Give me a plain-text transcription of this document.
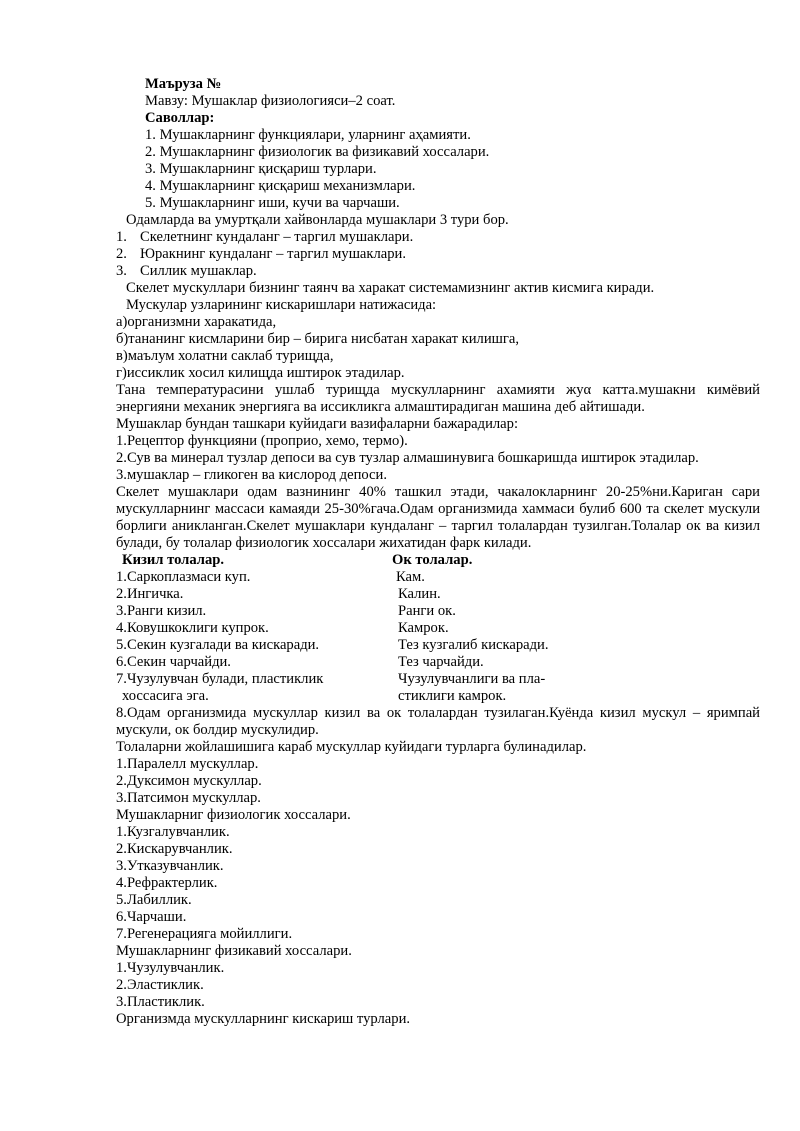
Маъруза №
Мавзу: Мушаклар физиологияси–2 соат.
Саволлар:
1. Мушакларнинг функциялари, уларнинг аҳамияти.
2. Мушакларнинг физиологик ва физикавий хоссалари.
3. Мушакларнинг қисқариш турлари.
4. Мушакларнинг қисқариш механизмлари.
5. Мушакларнинг иши, кучи ва чарчаши.
Одамларда ва умуртқали хайвонларда мушаклари 3 тури бор.
1. Скелетнинг кундаланг – таргил мушаклари.
2. Юракнинг кундаланг – таргил мушаклари.
3. Силлик мушаклар.
Скелет мускуллари бизнинг таянч ва харакат системамизнинг актив кисмига киради.
Мускулар узларининг кискаришлари натижасида:
а)организмни харакатида,
б)тананинг кисмларини бир – бирига нисбатан харакат килишга,
в)маълум холатни саклаб турищда,
г)иссиклик хосил килищда иштирок этадилар.
Тана температурасини ушлаб турищда мускулларнинг ахамияти жуα катта.мушакни кимёвий
энергияни механик энергияга ва иссикликга алмаштирадиган машина деб айтишади.
Мушаклар бундан ташкари куйидаги вазифаларни бажарадилар:
1.Рецептор функцияни (проприо, хемо, термо).
2.Сув ва минерал тузлар депоси ва сув тузлар алмашинувига бошкаришда иштирок этадилар.
3.мушаклар – гликоген ва кислород депоси.
Скелет мушаклари одам вазнининг 40% ташкил этади, чакалокларнинг 20-25%ни.Кариган сари
мускулларнинг массаси камаяди 25-30%гача.Одам организмида хаммаси булиб 600 та скелет мускули
борлиги аникланган.Скелет мушаклари кундаланг – таргил толалардан тузилган.Толалар ок ва кизил
булади, бу толалар физиологик хоссалари жихатидан фарк килади.
Кизил толалар.	Ок толалар.
1.Саркоплазмаси куп.	Кам.
2.Ингичка.	Калин.
3.Ранги кизил.	Ранги ок.
4.Ковушкоклиги купрок.	Камрок.
5.Секин кузгалади ва кискаради.	Тез кузгалиб кискаради.
6.Секин чарчайди.	Тез чарчайди.
7.Чузулувчан булади, пластиклик	Чузулувчанлиги ва пла-
хоссасига эга.	стиклиги камрок.
8.Одам организмида мускуллар кизил ва ок толалардан тузилаган.Куёнда кизил мускул – яримпай
мускули, ок болдир мускулидир.
Толаларни жойлашишига караб мускуллар куйидаги турларга булинадилар.
1.Паралелл мускуллар.
2.Дуксимон мускуллар.
3.Патсимон мускуллар.
Мушакларниг физиологик хоссалари.
1.Кузгалувчанлик.
2.Кискарувчанлик.
3.Утказувчанлик.
4.Рефрактерлик.
5.Лабиллик.
6.Чарчаши.
7.Регенерацияга мойиллиги.
Мушакларнинг физикавий хоссалари.
1.Чузулувчанлик.
2.Эластиклик.
3.Пластиклик.
Организмда мускулларнинг кискариш турлари.
